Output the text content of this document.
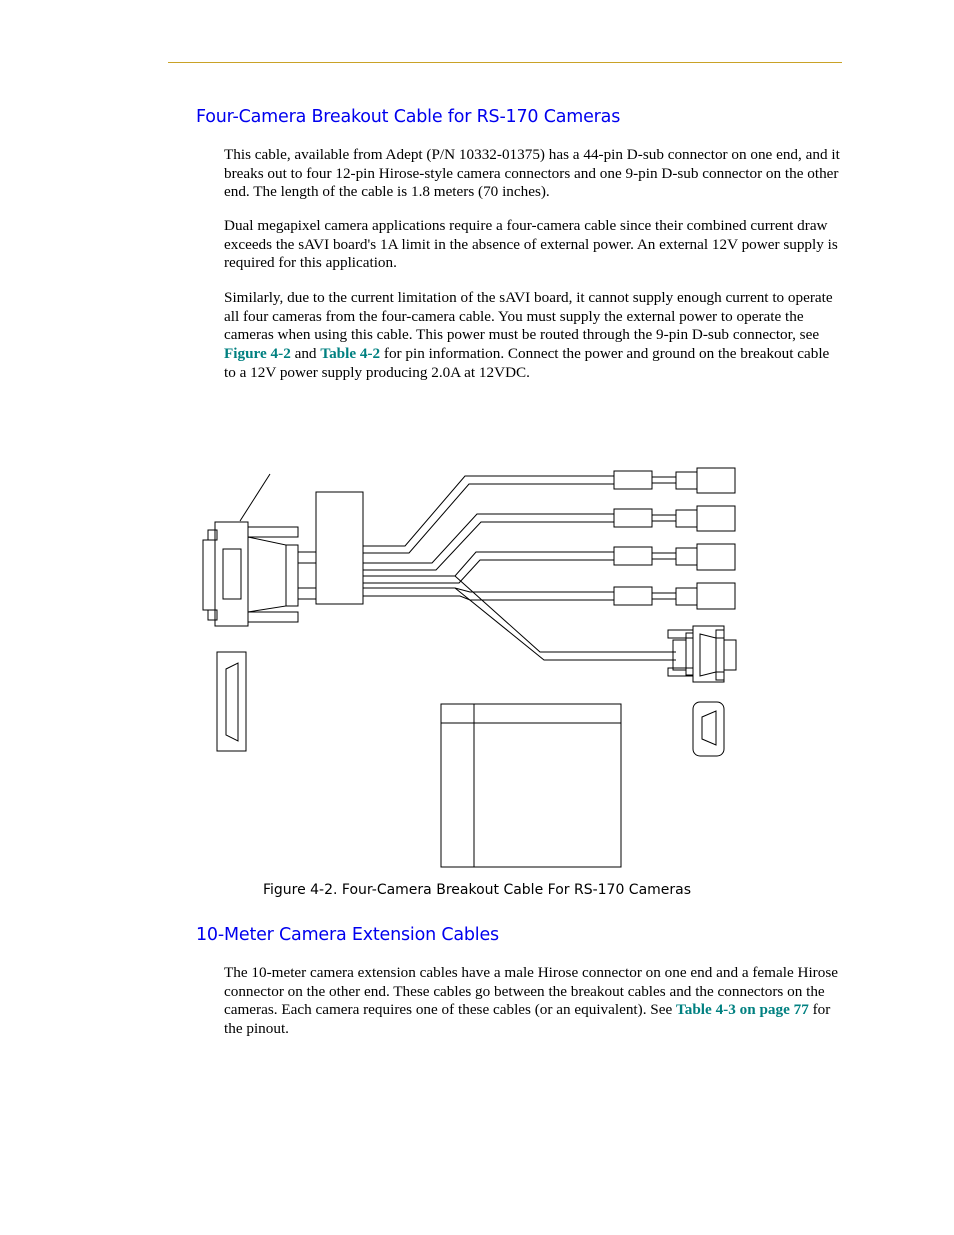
Four-Camera Breakout Cable for RS-170 Cameras

This cable, available from Adept (P/N 10332-01375) has a 44-pin D-sub connector on one end, and it breaks out to four 12-pin Hirose-style camera connectors and one 9-pin D-sub connector on the other end. The length of the cable is 1.8 meters (70 inches).

Dual megapixel camera applications require a four-camera cable since their combined current draw exceeds the sAVI board's 1A limit in the absence of external power. An external 12V power supply is required for this application.

Similarly, due to the current limitation of the sAVI board, it cannot supply enough current to operate all four cameras from the four-camera cable. You must supply the external power to operate the cameras when using this cable. This power must be routed through the 9-pin D-sub connector, see Figure 4-2 and Table 4-2 for pin information. Connect the power and ground on the breakout cable to a 12V power supply producing 2.0A at 12VDC.

Figure 4-2. Four-Camera Breakout Cable For RS-170 Cameras
10-Meter Camera Extension Cables

The 10-meter camera extension cables have a male Hirose connector on one end and a female Hirose connector on the other end. These cables go between the breakout cables and the connectors on the cameras. Each camera requires one of these cables (or an equivalent). See Table 4-3 on page 77 for the pinout.
